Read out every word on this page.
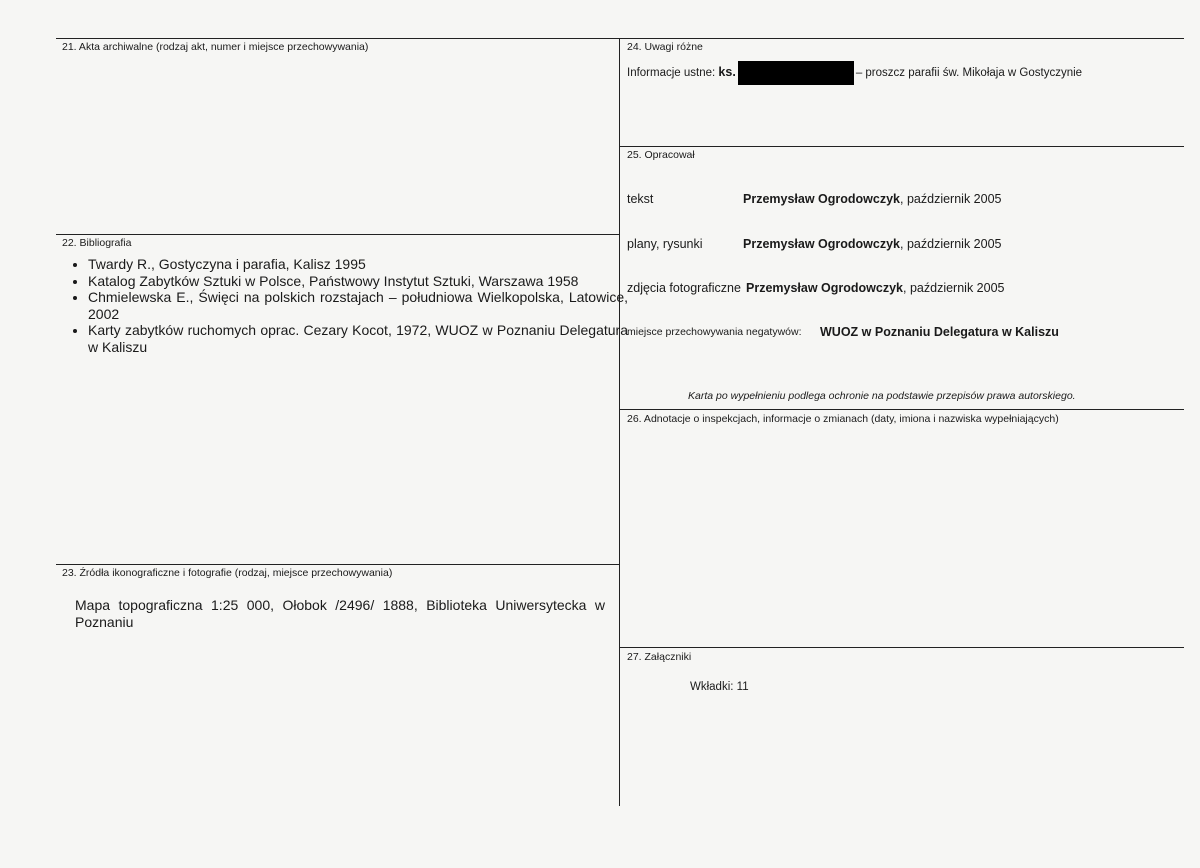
21. Akta archiwalne (rodzaj akt, numer i miejsce przechowywania)
22. Bibliografia
• Twardy R., Gostyczyna i parafia, Kalisz 1995
• Katalog Zabytków Sztuki w Polsce, Państwowy Instytut Sztuki, Warszawa 1958
• Chmielewska E., Święci na polskich rozstajach – południowa Wielkopolska, Latowice, 2002
• Karty zabytków ruchomych oprac. Cezary Kocot, 1972, WUOZ w Poznaniu Delegatura w Kaliszu
23. Źródła ikonograficzne i fotografie (rodzaj, miejsce przechowywania)
Mapa topograficzna 1:25 000, Ołobok /2496/ 1888, Biblioteka Uniwersytecka w Poznaniu
24. Uwagi różne
Informacje ustne: ks.	– proszcz parafii św. Mikołaja w Gostyczynie
25. Opracował
tekst	Przemysław Ogrodowczyk, październik 2005
plany, rysunki	Przemysław Ogrodowczyk, październik 2005
zdjęcia fotograficzne Przemysław Ogrodowczyk, październik 2005
miejsce przechowywania negatywów: WUOZ w Poznaniu Delegatura w Kaliszu
Karta po wypełnieniu podlega ochronie na podstawie przepisów prawa autorskiego.
26. Adnotacje o inspekcjach, informacje o zmianach (daty, imiona i nazwiska wypełniających)
27. Załączniki
Wkładki: 11
